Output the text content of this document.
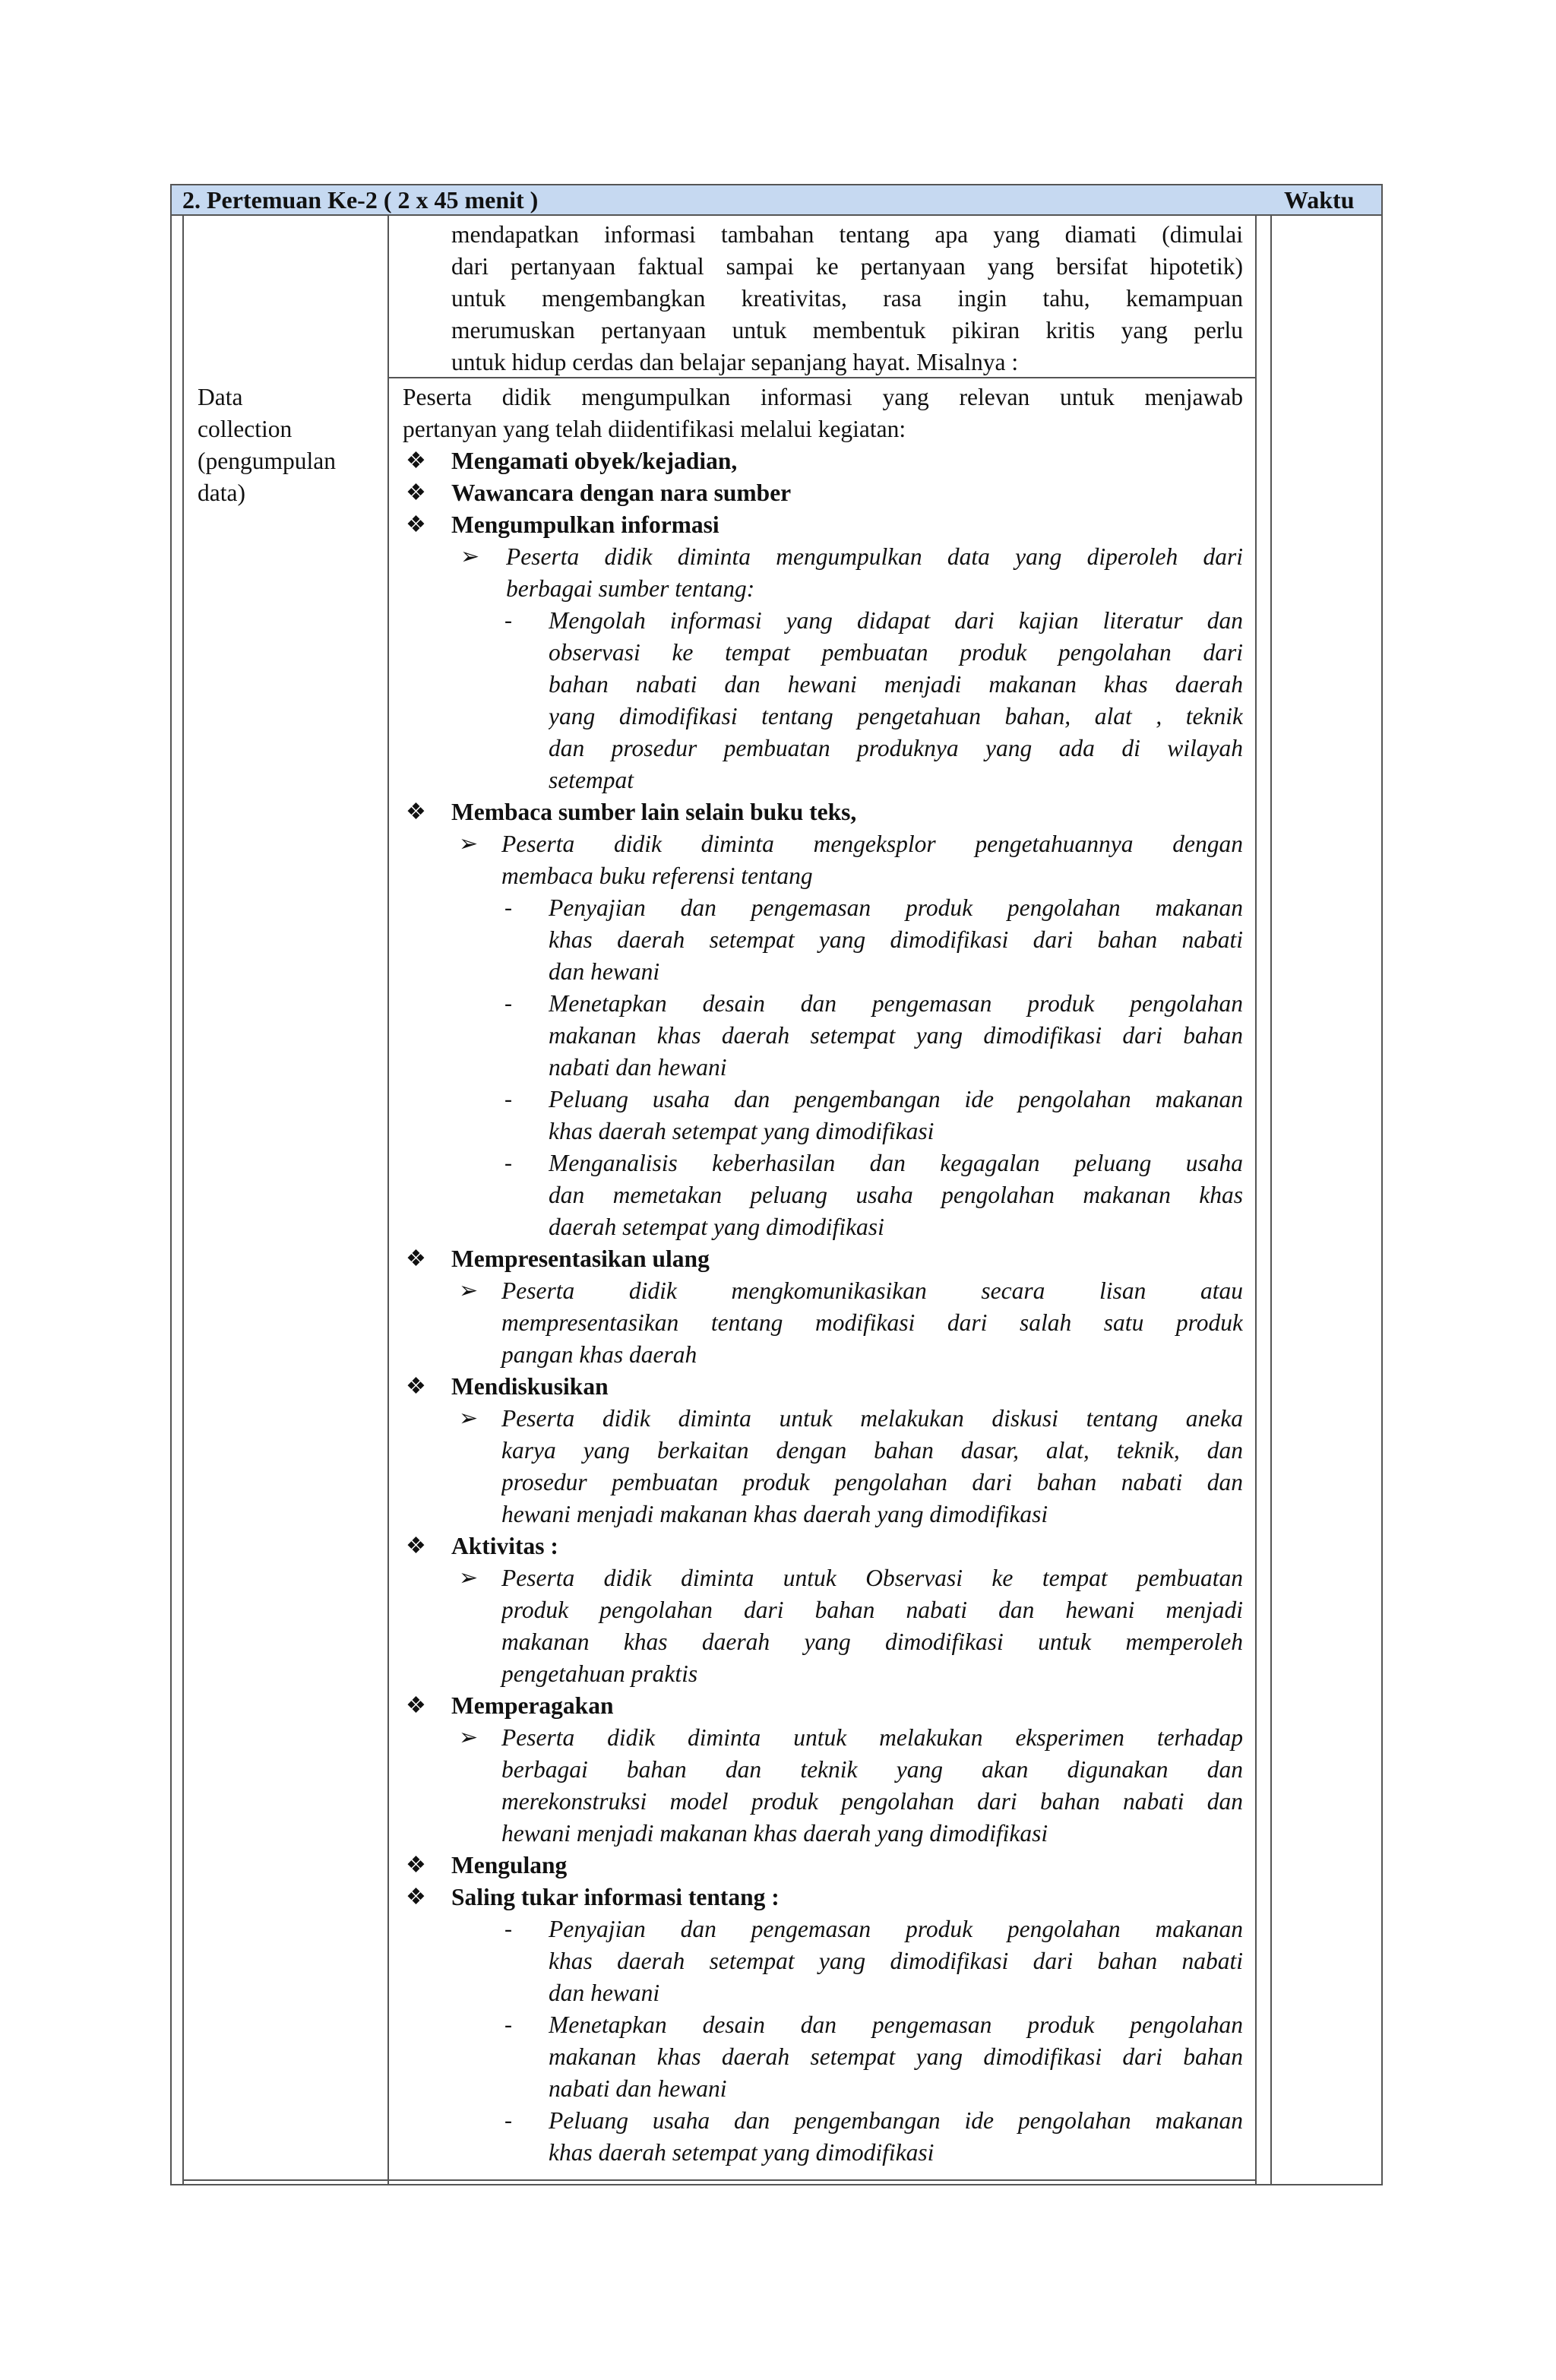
2. Pertemuan Ke-2 ( 2 x 45 menit )	Waktu
mendapatkan informasi tambahan tentang apa yang diamati (dimulai
dari pertanyaan faktual sampai ke pertanyaan yang bersifat hipotetik)
untuk mengembangkan kreativitas, rasa ingin tahu, kemampuan
merumuskan pertanyaan untuk membentuk pikiran kritis yang perlu
untuk hidup cerdas dan belajar sepanjang hayat. Misalnya :
Data
collection
(pengumpulan
data)
Peserta didik mengumpulkan informasi yang relevan untuk menjawab
pertanyan yang telah diidentifikasi melalui kegiatan:
❖ Mengamati obyek/kejadian,
❖ Wawancara dengan nara sumber
❖ Mengumpulkan informasi
➢ Peserta didik diminta mengumpulkan data yang diperoleh dari
berbagai sumber tentang:
- Mengolah informasi yang didapat dari kajian literatur dan
observasi ke tempat pembuatan produk pengolahan dari
bahan nabati dan hewani menjadi makanan khas daerah
yang dimodifikasi tentang pengetahuan bahan, alat , teknik
dan prosedur pembuatan produknya yang ada di wilayah
setempat
❖ Membaca sumber lain selain buku teks,
➢ Peserta didik diminta mengeksplor pengetahuannya dengan
membaca buku referensi tentang
- Penyajian dan pengemasan produk pengolahan makanan
khas daerah setempat yang dimodifikasi dari bahan nabati
dan hewani
- Menetapkan desain dan pengemasan produk pengolahan
makanan khas daerah setempat yang dimodifikasi dari bahan
nabati dan hewani
- Peluang usaha dan pengembangan ide pengolahan makanan
khas daerah setempat yang dimodifikasi
- Menganalisis keberhasilan dan kegagalan peluang usaha
dan memetakan peluang usaha pengolahan makanan khas
daerah setempat yang dimodifikasi
❖ Mempresentasikan ulang
➢ Peserta didik mengkomunikasikan secara lisan atau
mempresentasikan tentang modifikasi dari salah satu produk
pangan khas daerah
❖ Mendiskusikan
➢ Peserta didik diminta untuk melakukan diskusi tentang aneka
karya yang berkaitan dengan bahan dasar, alat, teknik, dan
prosedur pembuatan produk pengolahan dari bahan nabati dan
hewani menjadi makanan khas daerah yang dimodifikasi
❖ Aktivitas :
➢ Peserta didik diminta untuk Observasi ke tempat pembuatan
produk pengolahan dari bahan nabati dan hewani menjadi
makanan khas daerah yang dimodifikasi untuk memperoleh
pengetahuan praktis
❖ Memperagakan
➢ Peserta didik diminta untuk melakukan eksperimen terhadap
berbagai bahan dan teknik yang akan digunakan dan
merekonstruksi model produk pengolahan dari bahan nabati dan
hewani menjadi makanan khas daerah yang dimodifikasi
❖ Mengulang
❖ Saling tukar informasi tentang :
- Penyajian dan pengemasan produk pengolahan makanan
khas daerah setempat yang dimodifikasi dari bahan nabati
dan hewani
- Menetapkan desain dan pengemasan produk pengolahan
makanan khas daerah setempat yang dimodifikasi dari bahan
nabati dan hewani
- Peluang usaha dan pengembangan ide pengolahan makanan
khas daerah setempat yang dimodifikasi
